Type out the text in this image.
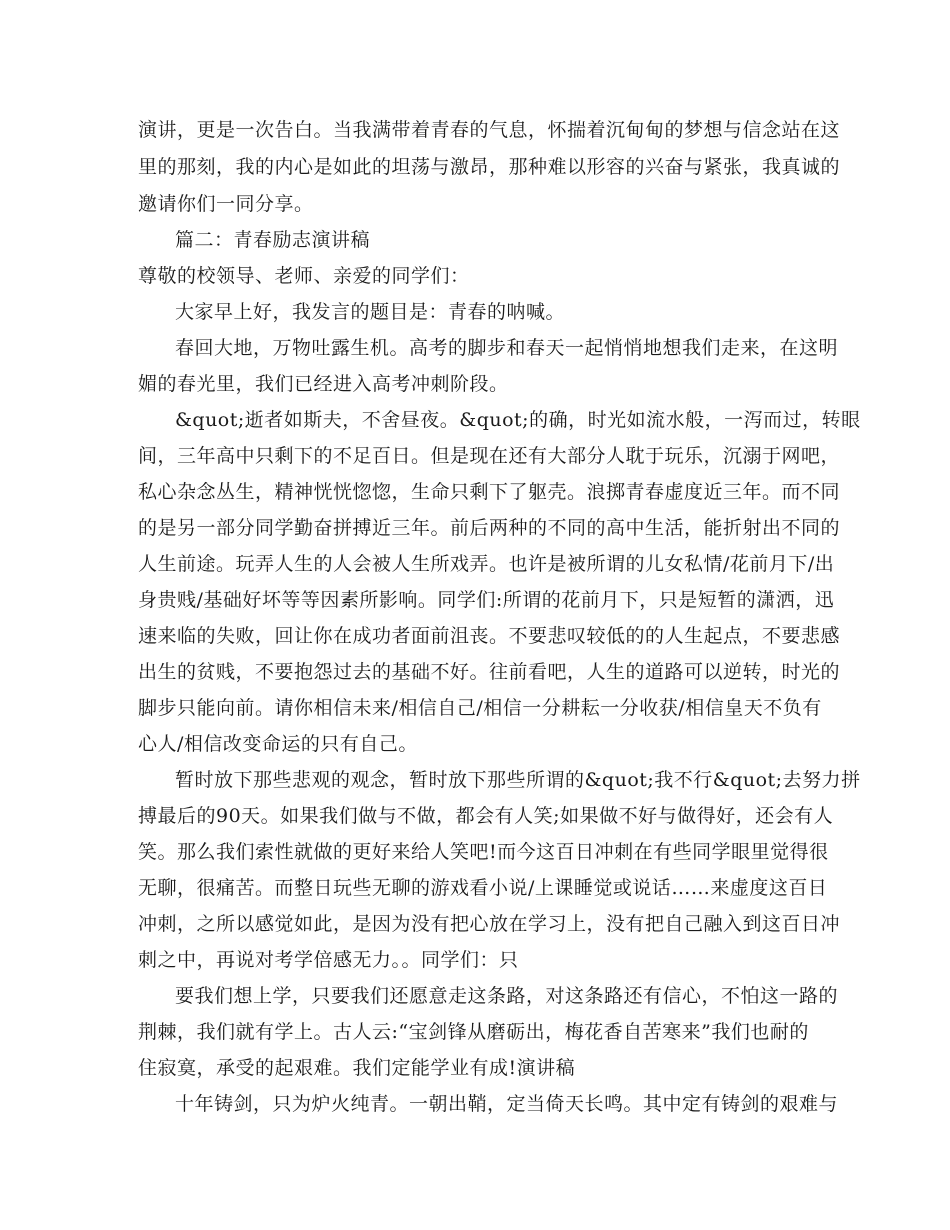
演讲，更是一次告白。当我满带着青春的气息，怀揣着沉甸甸的梦想与信念站在这
里的那刻，我的内心是如此的坦荡与激昂，那种难以形容的兴奋与紧张，我真诚的
邀请你们一同分享。
篇二：青春励志演讲稿
尊敬的校领导、老师、亲爱的同学们：
大家早上好，我发言的题目是：青春的呐喊。
春回大地，万物吐露生机。高考的脚步和春天一起悄悄地想我们走来，在这明
媚的春光里，我们已经进入高考冲刺阶段。
&quot;逝者如斯夫，不舍昼夜。&quot;的确，时光如流水般，一泻而过，转眼
间，三年高中只剩下的不足百日。但是现在还有大部分人耽于玩乐，沉溺于网吧，
私心杂念丛生，精神恍恍惚惚，生命只剩下了躯壳。浪掷青春虚度近三年。而不同
的是另一部分同学勤奋拼搏近三年。前后两种的不同的高中生活，能折射出不同的
人生前途。玩弄人生的人会被人生所戏弄。也许是被所谓的儿女私情/花前月下/出
身贵贱/基础好坏等等因素所影响。同学们:所谓的花前月下，只是短暂的潇洒，迅
速来临的失败，回让你在成功者面前沮丧。不要悲叹较低的的人生起点，不要悲感
出生的贫贱，不要抱怨过去的基础不好。往前看吧，人生的道路可以逆转，时光的
脚步只能向前。请你相信未来/相信自己/相信一分耕耘一分收获/相信皇天不负有
心人/相信改变命运的只有自己。
暂时放下那些悲观的观念，暂时放下那些所谓的&quot;我不行&quot;去努力拼
搏最后的90天。如果我们做与不做，都会有人笑;如果做不好与做得好，还会有人
笑。那么我们索性就做的更好来给人笑吧!而今这百日冲刺在有些同学眼里觉得很
无聊，很痛苦。而整日玩些无聊的游戏看小说/上课睡觉或说话……来虚度这百日
冲刺，之所以感觉如此，是因为没有把心放在学习上，没有把自己融入到这百日冲
刺之中，再说对考学倍感无力。。同学们：只
要我们想上学，只要我们还愿意走这条路，对这条路还有信心，不怕这一路的
荆棘，我们就有学上。古人云:“宝剑锋从磨砺出，梅花香自苦寒来”我们也耐的
住寂寞，承受的起艰难。我们定能学业有成!演讲稿
十年铸剑，只为炉火纯青。一朝出鞘，定当倚天长鸣。其中定有铸剑的艰难与
